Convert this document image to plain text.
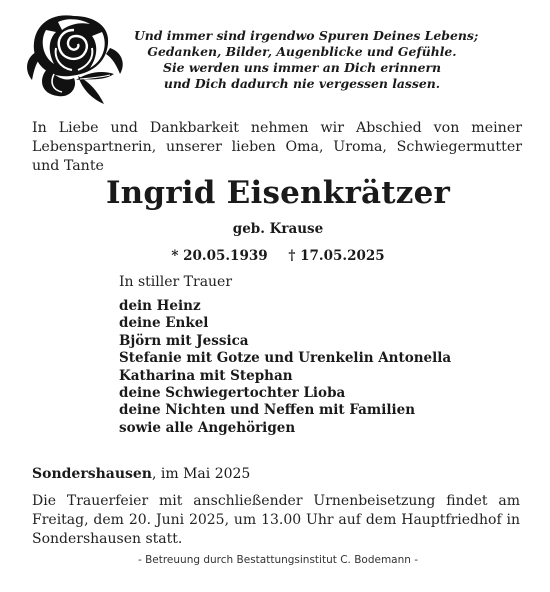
Und immer sind irgendwo Spuren Deines Lebens;
Gedanken, Bilder, Augenblicke und Gefühle.
Sie werden uns immer an Dich erinnern
und Dich dadurch nie vergessen lassen.
In Liebe und Dankbarkeit nehmen wir Abschied von meiner Lebenspartnerin, unserer lieben Oma, Uroma, Schwiegermutter und Tante
Ingrid Eisenkrätzer
geb. Krause
* 20.05.1939 † 17.05.2025
In stiller Trauer
dein Heinz
deine Enkel
Björn mit Jessica
Stefanie mit Gotze und Urenkelin Antonella
Katharina mit Stephan
deine Schwiegertochter Lioba
deine Nichten und Neffen mit Familien
sowie alle Angehörigen
Sondershausen, im Mai 2025
Die Trauerfeier mit anschließender Urnenbeisetzung findet am Freitag, dem 20. Juni 2025, um 13.00 Uhr auf dem Hauptfriedhof in Sondershausen statt.
- Betreuung durch Bestattungsinstitut C. Bodemann -
